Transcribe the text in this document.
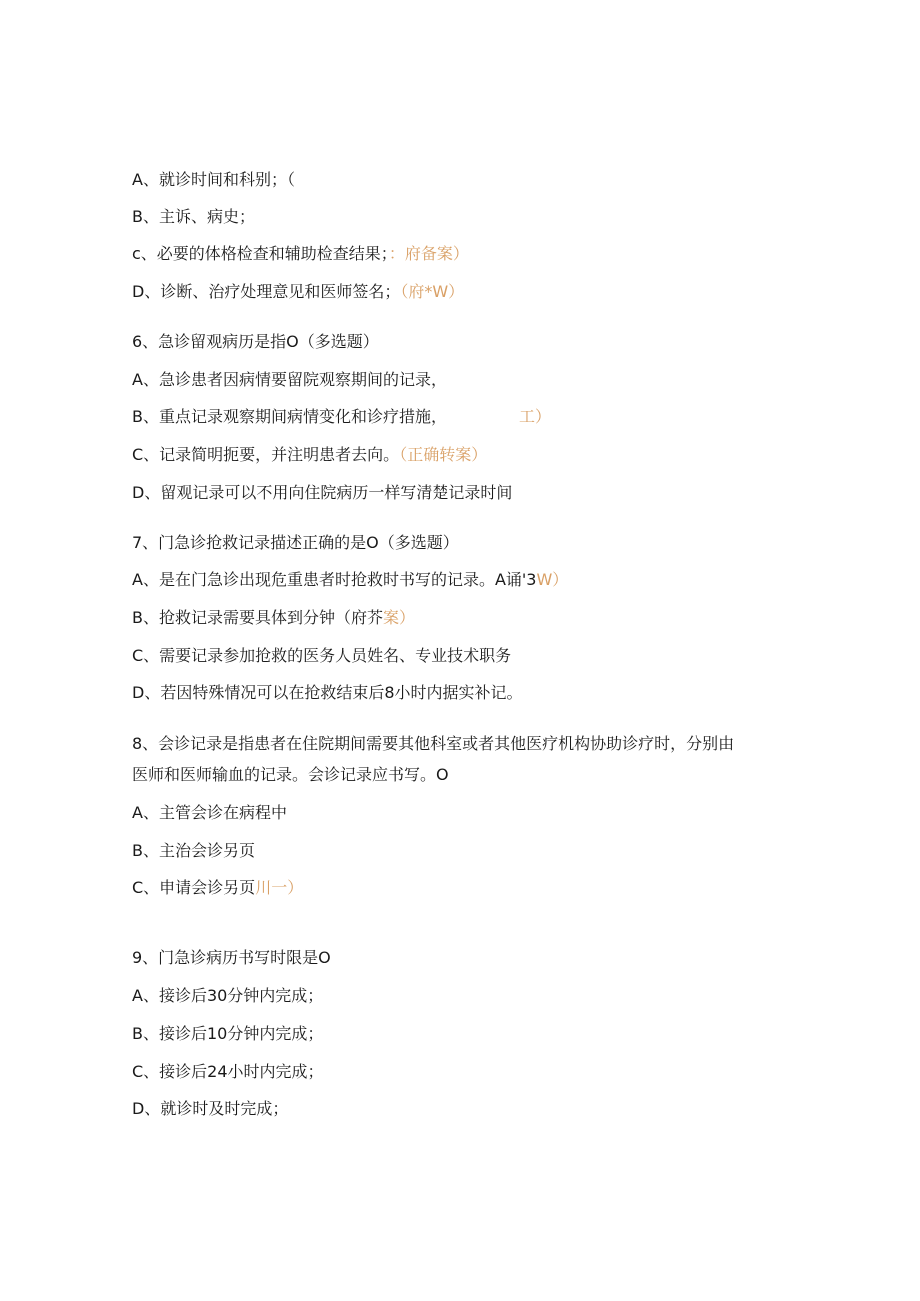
A、就诊时间和科别；（
B、主诉、病史；
c、必要的体格检查和辅助检查结果；：府备案）
D、诊断、治疗处理意见和医师签名；（府*W）
6、急诊留观病历是指O（多选题）
A、急诊患者因病情要留院观察期间的记录，
B、重点记录观察期间病情变化和诊疗措施，	工）
C、记录简明扼要，并注明患者去向。（正确转案）
D、留观记录可以不用向住院病历一样写清楚记录时间
7、门急诊抢救记录描述正确的是O（多选题）
A、是在门急诊出现危重患者时抢救时书写的记录。A诵'3W）
B、抢救记录需要具体到分钟（府芥案）
C、需要记录参加抢救的医务人员姓名、专业技术职务
D、若因特殊情况可以在抢救结束后8小时内据实补记。
8、会诊记录是指患者在住院期间需要其他科室或者其他医疗机构协助诊疗时，分别由
医师和医师输血的记录。会诊记录应书写。O
A、主管会诊在病程中
B、主治会诊另页
C、申请会诊另页川一）
9、门急诊病历书写时限是O
A、接诊后30分钟内完成；
B、接诊后10分钟内完成；
C、接诊后24小时内完成；
D、就诊时及时完成；
